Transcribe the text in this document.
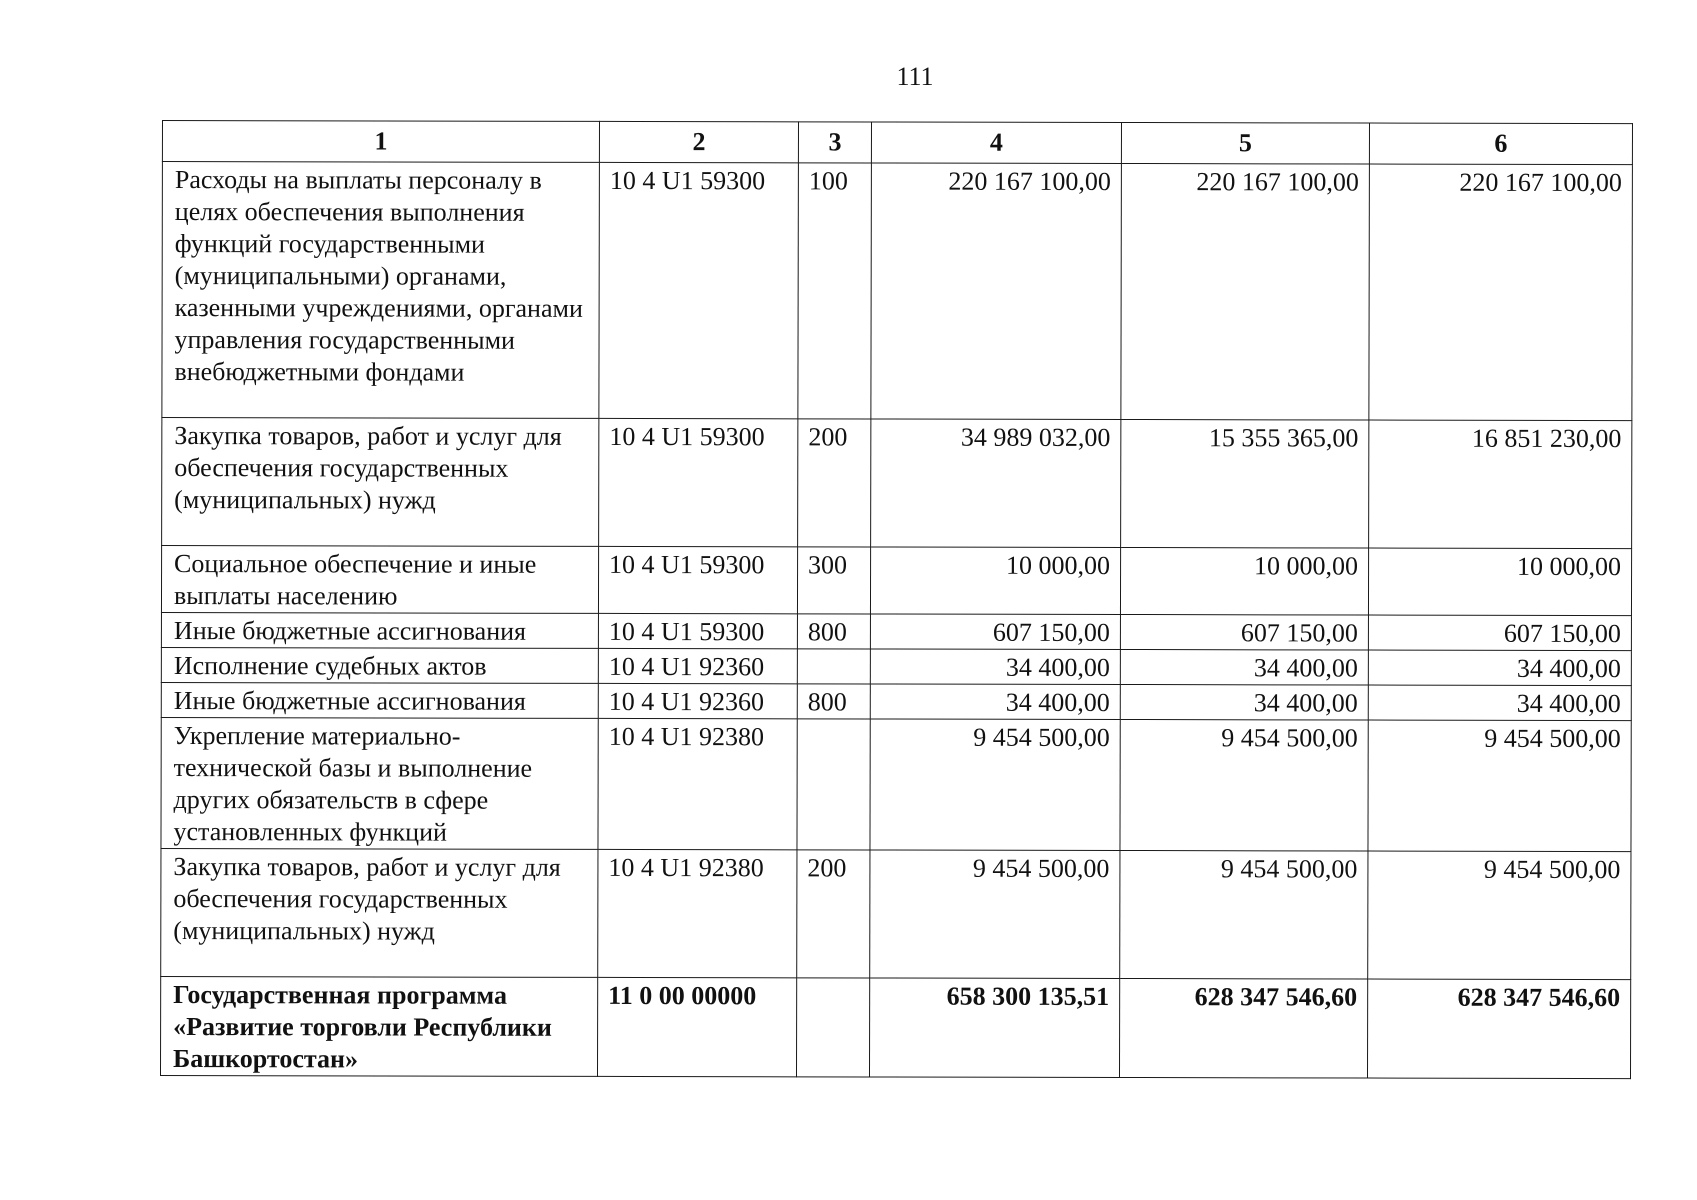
111
1	2	3	4	5	6
Расходы на выплаты персоналу в целях обеспечения выполнения функций государственными (муниципальными) органами, казенными учреждениями, органами управления государственными внебюджетными фондами	10 4 U1 59300	100	220 167 100,00	220 167 100,00	220 167 100,00
Закупка товаров, работ и услуг для обеспечения государственных (муниципальных) нужд	10 4 U1 59300	200	34 989 032,00	15 355 365,00	16 851 230,00
Социальное обеспечение и иные выплаты населению	10 4 U1 59300	300	10 000,00	10 000,00	10 000,00
Иные бюджетные ассигнования	10 4 U1 59300	800	607 150,00	607 150,00	607 150,00
Исполнение судебных актов	10 4 U1 92360		34 400,00	34 400,00	34 400,00
Иные бюджетные ассигнования	10 4 U1 92360	800	34 400,00	34 400,00	34 400,00
Укрепление материально-технической базы и выполнение других обязательств в сфере установленных функций	10 4 U1 92380		9 454 500,00	9 454 500,00	9 454 500,00
Закупка товаров, работ и услуг для обеспечения государственных (муниципальных) нужд	10 4 U1 92380	200	9 454 500,00	9 454 500,00	9 454 500,00
Государственная программа «Развитие торговли Республики Башкортостан»	11 0 00 00000		658 300 135,51	628 347 546,60	628 347 546,60
